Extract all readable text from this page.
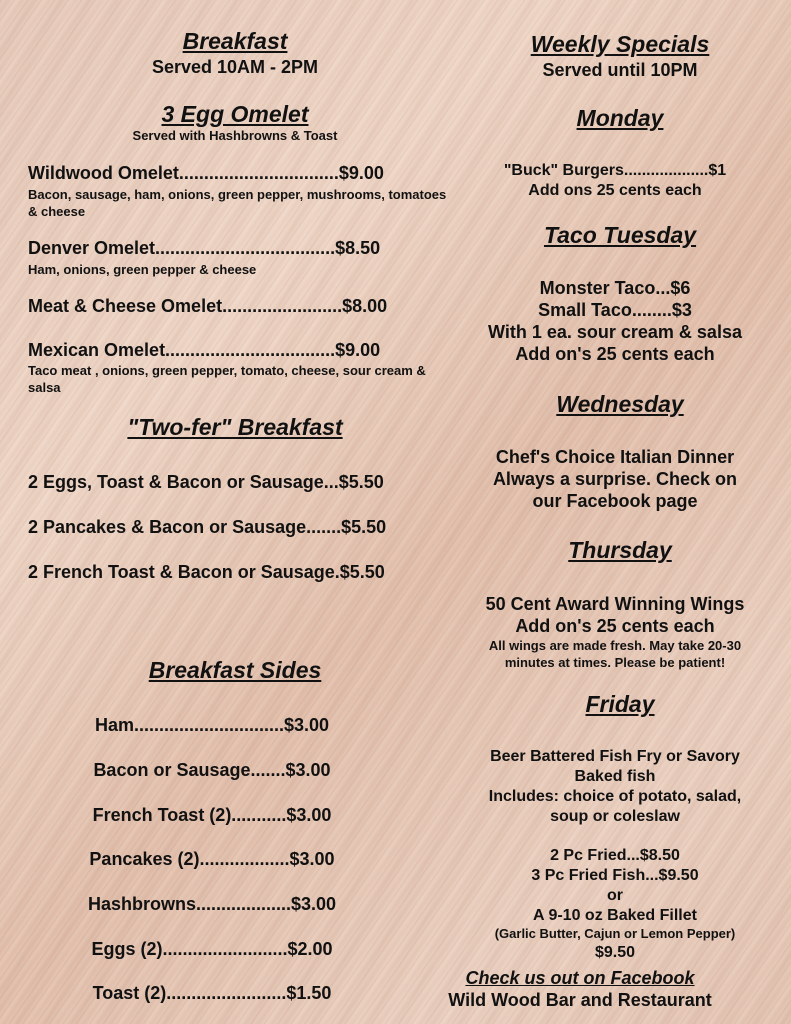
Breakfast
Served 10AM - 2PM
3 Egg Omelet
Served with Hashbrowns & Toast
Wildwood Omelet................................$9.00
Bacon, sausage, ham, onions, green pepper, mushrooms, tomatoes & cheese
Denver Omelet....................................$8.50
Ham, onions, green pepper & cheese
Meat & Cheese Omelet........................$8.00
Mexican Omelet..................................$9.00
Taco meat , onions, green pepper, tomato, cheese, sour cream & salsa
"Two-fer" Breakfast
2 Eggs, Toast & Bacon or Sausage...$5.50
2 Pancakes & Bacon or Sausage.......$5.50
2 French Toast & Bacon or Sausage.$5.50
Breakfast Sides
Ham..............................$3.00
Bacon or Sausage.......$3.00
French Toast (2)...........$3.00
Pancakes (2)..................$3.00
Hashbrowns...................$3.00
Eggs (2).........................$2.00
Toast (2)........................$1.50
Weekly Specials
Served until 10PM
Monday
"Buck" Burgers...................$1
Add ons 25 cents each
Taco Tuesday
Monster Taco...$6
Small Taco........$3
With 1 ea. sour cream & salsa
Add on's 25 cents each
Wednesday
Chef's Choice Italian Dinner
Always a surprise. Check on
our Facebook page
Thursday
50 Cent Award Winning Wings
Add on's 25 cents each
All wings are made fresh. May take 20-30
minutes at times. Please be patient!
Friday
Beer Battered Fish Fry or Savory
Baked fish
Includes: choice of potato, salad,
soup or coleslaw
2 Pc Fried...$8.50
3 Pc Fried Fish...$9.50
or
A 9-10 oz Baked Fillet
(Garlic Butter, Cajun or Lemon Pepper)
$9.50
Check us out on Facebook
Wild Wood Bar and Restaurant
